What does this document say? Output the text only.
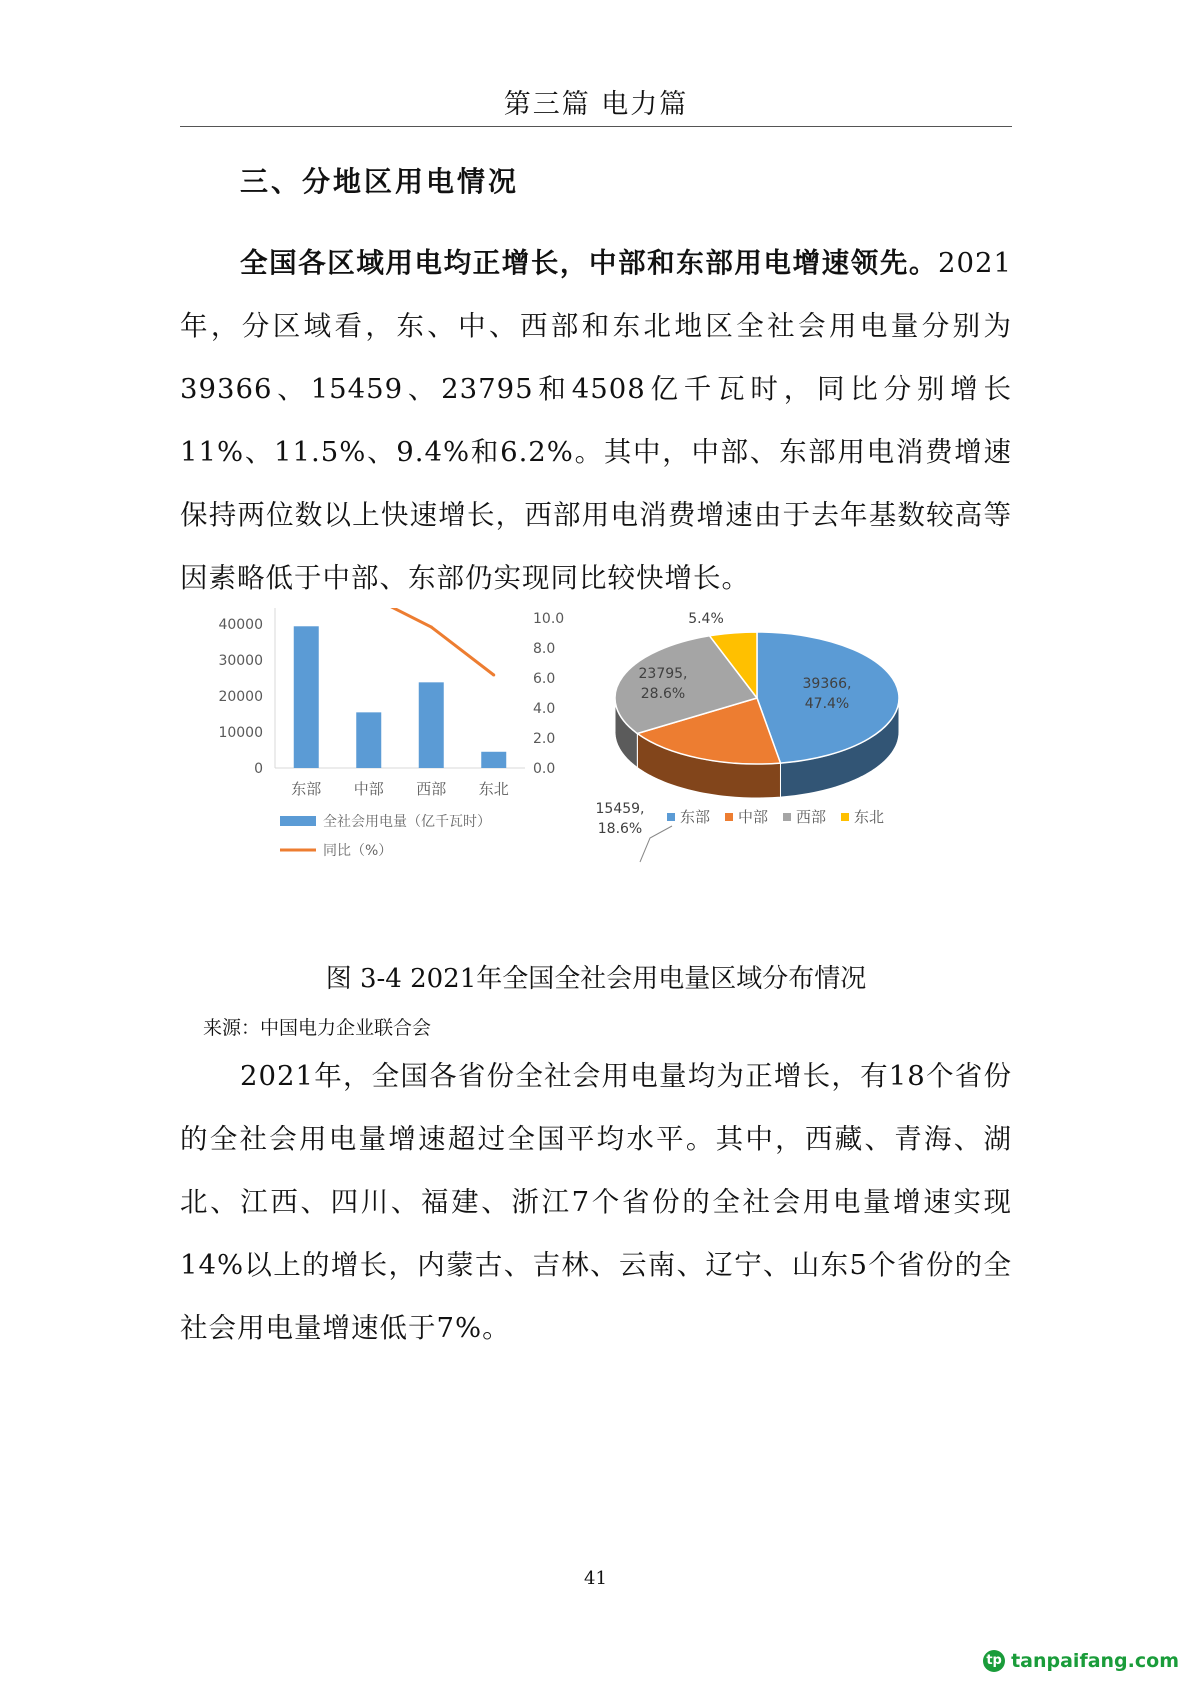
第三篇 电力篇
三、分地区用电情况
全国各区域用电均正增长，中部和东部用电增速领先。2021年，分区域看，东、中、西部和东北地区全社会用电量分别为39366、15459、23795和4508亿千瓦时，同比分别增长11%、11.5%、9.4%和6.2%。其中，中部、东部用电消费增速保持两位数以上快速增长，西部用电消费增速由于去年基数较高等因素略低于中部、东部仍实现同比较快增长。
40000
30000
20000
10000
0
10.0
8.0
6.0
4.0
2.0
0.0
东部 中部 西部 东北
全社会用电量（亿千瓦时）
同比（%）
39366,
47.4%
15459,
18.6%
23795,
28.6%
5.4%
东部 中部 西部 东北
图 3-4 2021年全国全社会用电量区域分布情况
来源：中国电力企业联合会
2021年，全国各省份全社会用电量均为正增长，有18个省份的全社会用电量增速超过全国平均水平。其中，西藏、青海、湖北、江西、四川、福建、浙江7个省份的全社会用电量增速实现14%以上的增长，内蒙古、吉林、云南、辽宁、山东5个省份的全社会用电量增速低于7%。
41
tp tanpaifang.com
